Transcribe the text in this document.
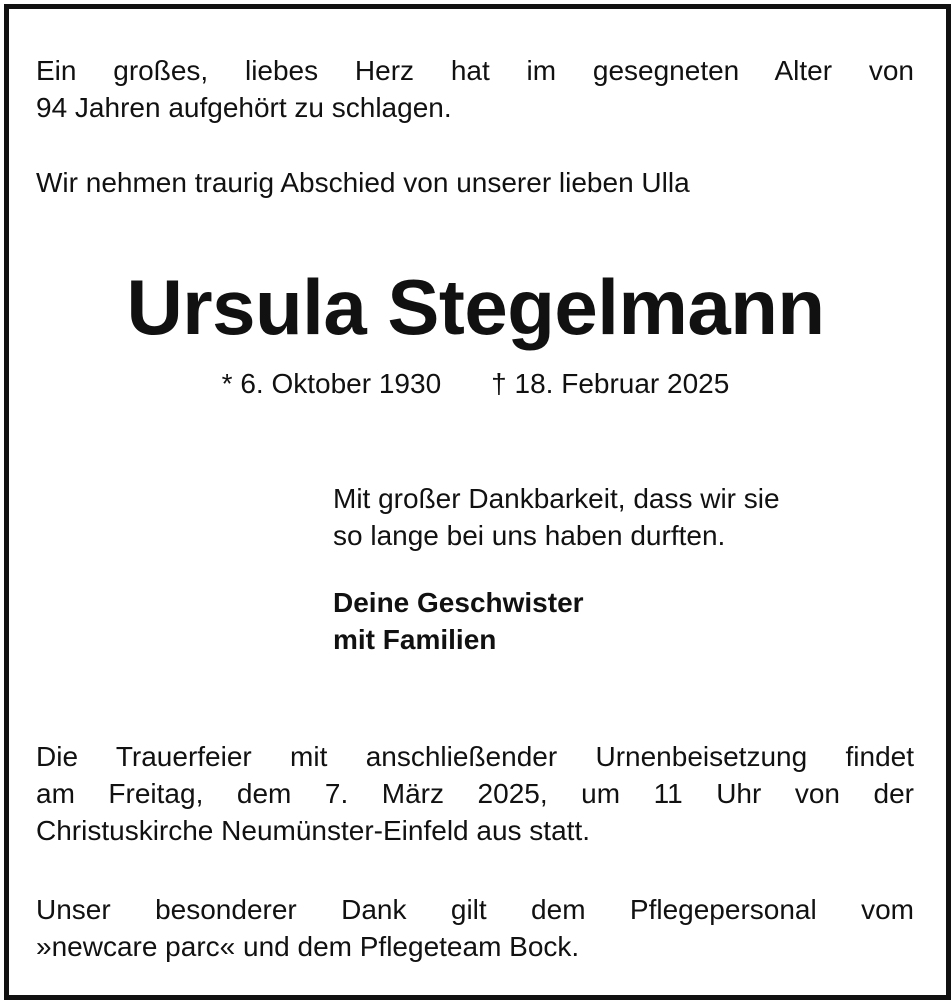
Ein großes, liebes Herz hat im gesegneten Alter von
94 Jahren aufgehört zu schlagen.

Wir nehmen traurig Abschied von unserer lieben Ulla

Ursula Stegelmann
* 6. Oktober 1930 † 18. Februar 2025

Mit großer Dankbarkeit, dass wir sie
so lange bei uns haben durften.

Deine Geschwister
mit Familien

Die Trauerfeier mit anschließender Urnenbeisetzung findet
am Freitag, dem 7. März 2025, um 11 Uhr von der
Christuskirche Neumünster-Einfeld aus statt.

Unser besonderer Dank gilt dem Pflegepersonal vom
»newcare parc« und dem Pflegeteam Bock.
